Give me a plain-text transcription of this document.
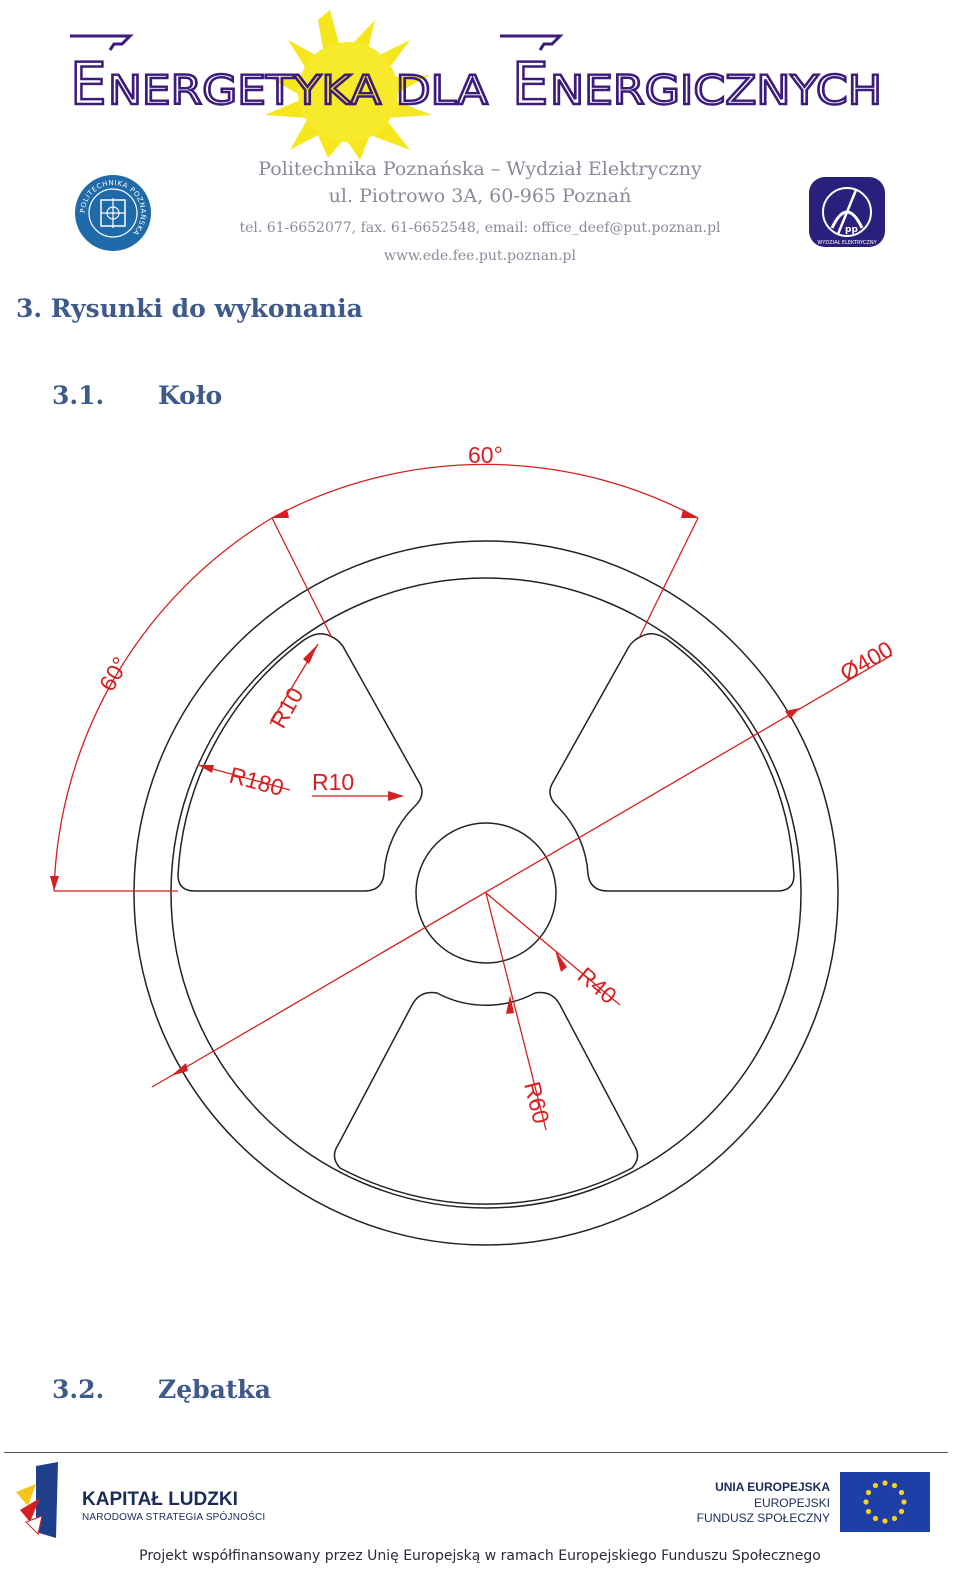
E NERGETYKA DLA E NERGICZNYCH
Politechnika Poznańska – Wydział Elektryczny
ul. Piotrowo 3A, 60-965 Poznań
tel. 61-6652077, fax. 61-6652548, email: office_deef@put.poznan.pl
www.ede.fee.put.poznan.pl
POLITECHNIKA POZNAŃSKA	pp
WYDZIAŁ ELEKTRYCZNY
3. Rysunki do wykonania
3.1. Koło
60°
60°	Ø400
R10
R180 R10
R40
R60
3.2. Zębatka
KAPITAŁ LUDZKI
NARODOWA STRATEGIA SPÓJNOŚCI
UNIA EUROPEJSKA
EUROPEJSKI
FUNDUSZ SPOŁECZNY
Projekt współfinansowany przez Unię Europejską w ramach Europejskiego Funduszu Społecznego
